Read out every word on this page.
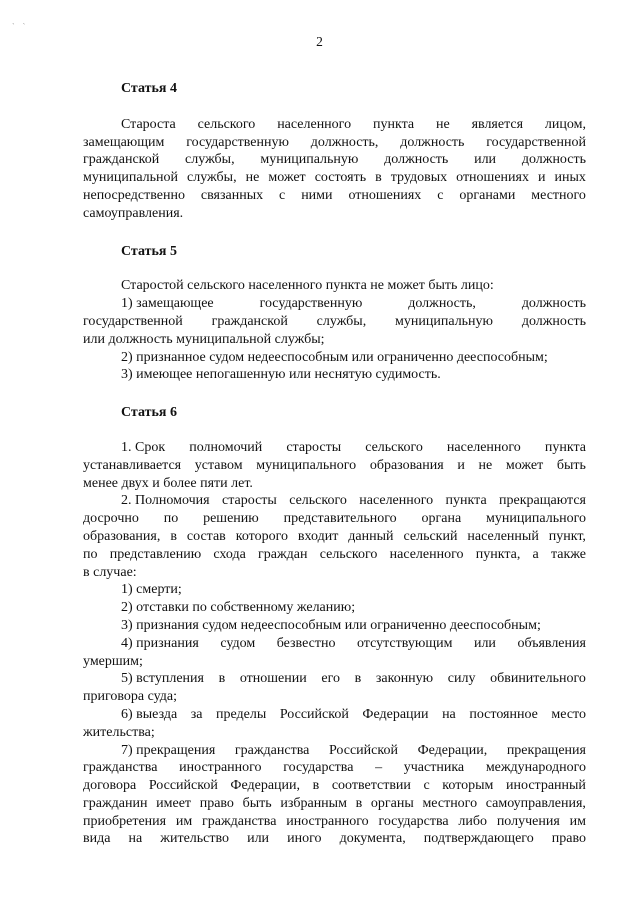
`    `
2
Статья 4
Староста сельского населенного пункта не является лицом,
замещающим государственную должность, должность государственной
гражданской службы, муниципальную должность или должность
муниципальной службы, не может состоять в трудовых отношениях и иных
непосредственно связанных с ними отношениях с органами местного
самоуправления.
Статья 5
Старостой сельского населенного пункта не может быть лицо:
1) замещающее	государственную	должность,	должность
государственной гражданской службы, муниципальную должность
или должность муниципальной службы;
2) признанное судом недееспособным или ограниченно дееспособным;
3) имеющее непогашенную или неснятую судимость.
Статья 6
1. Срок полномочий старосты сельского населенного пункта
устанавливается уставом муниципального образования и не может быть
менее двух и более пяти лет.
2. Полномочия старосты сельского населенного пункта прекращаются
досрочно по решению представительного органа муниципального
образования, в состав которого входит данный сельский населенный пункт,
по представлению схода граждан сельского населенного пункта, а также
в случае:
1) смерти;
2) отставки по собственному желанию;
3) признания судом недееспособным или ограниченно дееспособным;
4) признания судом безвестно отсутствующим или объявления
умершим;
5) вступления в отношении его в законную силу обвинительного
приговора суда;
6) выезда за пределы Российской Федерации на постоянное место
жительства;
7) прекращения гражданства Российской Федерации, прекращения
гражданства иностранного государства – участника международного
договора Российской Федерации, в соответствии с которым иностранный
гражданин имеет право быть избранным в органы местного самоуправления,
приобретения им гражданства иностранного государства либо получения им
вида на жительство или иного документа, подтверждающего право
